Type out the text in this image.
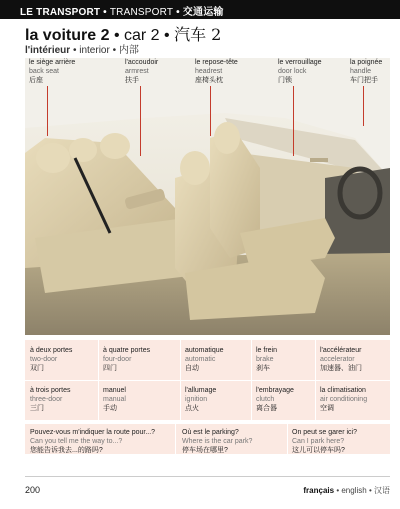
LE TRANSPORT • TRANSPORT • 交通运输
la voiture 2 • car 2 • 汽车 2
l'intérieur • interior • 内部
le siège arrière
back seat
后座
l'accoudoir
armrest
扶手
le repose-tête
headrest
座椅头枕
le verrouillage
door lock
门锁
la poignée
handle
车门把手
à deux portes
two-door
双门
à quatre portes
four-door
四门
automatique
automatic
自动
le frein
brake
刹车
l'accélérateur
accelerator
加速器、油门
à trois portes
three-door
三门
manuel
manual
手动
l'allumage
ignition
点火
l'embrayage
clutch
离合器
la climatisation
air conditioning
空调
Pouvez-vous m'indiquer la route pour...?
Can you tell me the way to...?
您能告诉我去...的路吗?
Où est le parking?
Where is the car park?
停车场在哪里?
On peut se garer ici?
Can I park here?
这儿可以停车吗?
200	français • english • 汉语
